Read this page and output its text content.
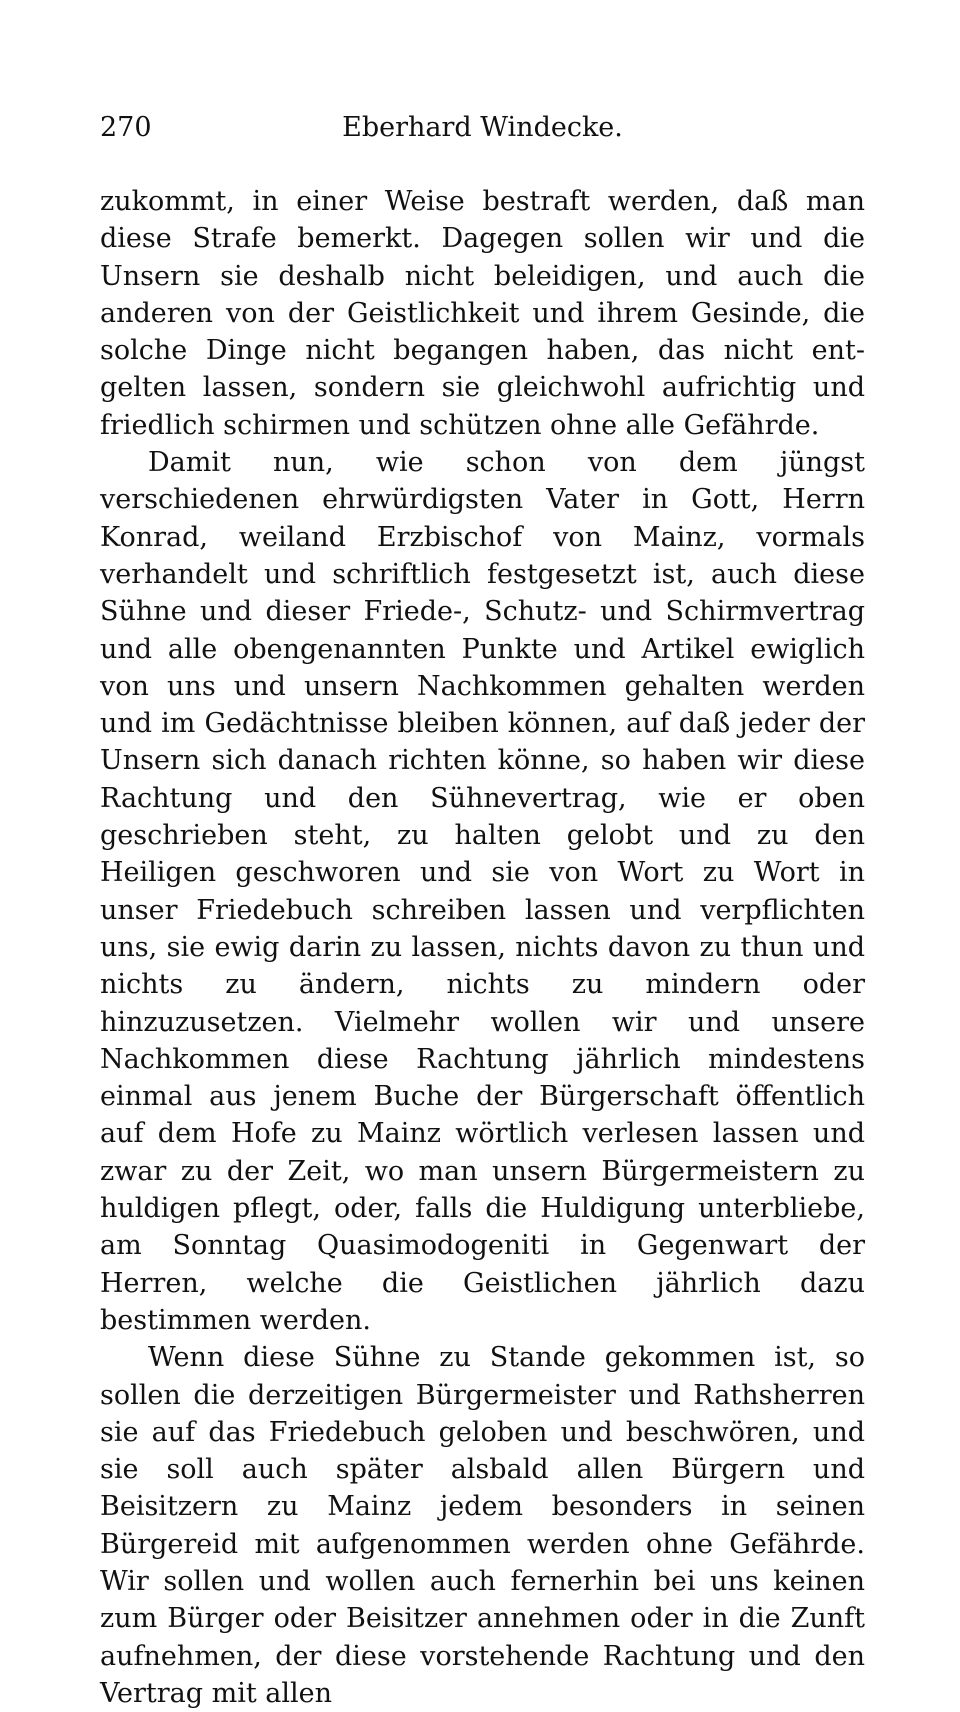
270	Eberhard Windecke.

zukommt, in einer Weise bestraft werden, daß man diese Strafe bemerkt. Dagegen sollen wir und die Unsern sie deshalb nicht beleidigen, und auch die anderen von der Geistlichkeit und ihrem Gesinde, die solche Dinge nicht begangen haben, das nicht entgelten lassen, sondern sie gleichwohl aufrichtig und friedlich schirmen und schützen ohne alle Gefährde.

Damit nun, wie schon von dem jüngst verschiedenen ehrwürdigsten Vater in Gott, Herrn Konrad, weiland Erzbischof von Mainz, vormals verhandelt und schriftlich festgesetzt ist, auch diese Sühne und dieser Friede-, Schutz- und Schirmvertrag und alle obengenannten Punkte und Artikel ewiglich von uns und unsern Nachkommen gehalten werden und im Gedächtnisse bleiben können, auf daß jeder der Unsern sich danach richten könne, so haben wir diese Rachtung und den Sühnevertrag, wie er oben geschrieben steht, zu halten gelobt und zu den Heiligen geschworen und sie von Wort zu Wort in unser Friedebuch schreiben lassen und verpflichten uns, sie ewig darin zu lassen, nichts davon zu thun und nichts zu ändern, nichts zu mindern oder hinzuzusetzen. Vielmehr wollen wir und unsere Nachkommen diese Rachtung jährlich mindestens einmal aus jenem Buche der Bürgerschaft öffentlich auf dem Hofe zu Mainz wörtlich verlesen lassen und zwar zu der Zeit, wo man unsern Bürgermeistern zu huldigen pflegt, oder, falls die Huldigung unterbliebe, am Sonntag Quasimodogeniti in Gegenwart der Herren, welche die Geistlichen jährlich dazu bestimmen werden.

Wenn diese Sühne zu Stande gekommen ist, so sollen die derzeitigen Bürgermeister und Rathsherren sie auf das Friedebuch geloben und beschwören, und sie soll auch später alsbald allen Bürgern und Beisitzern zu Mainz jedem besonders in seinen Bürgereid mit aufgenommen werden ohne Gefährde. Wir sollen und wollen auch fernerhin bei uns keinen zum Bürger oder Beisitzer annehmen oder in die Zunft aufnehmen, der diese vorstehende Rachtung und den Vertrag mit allen
